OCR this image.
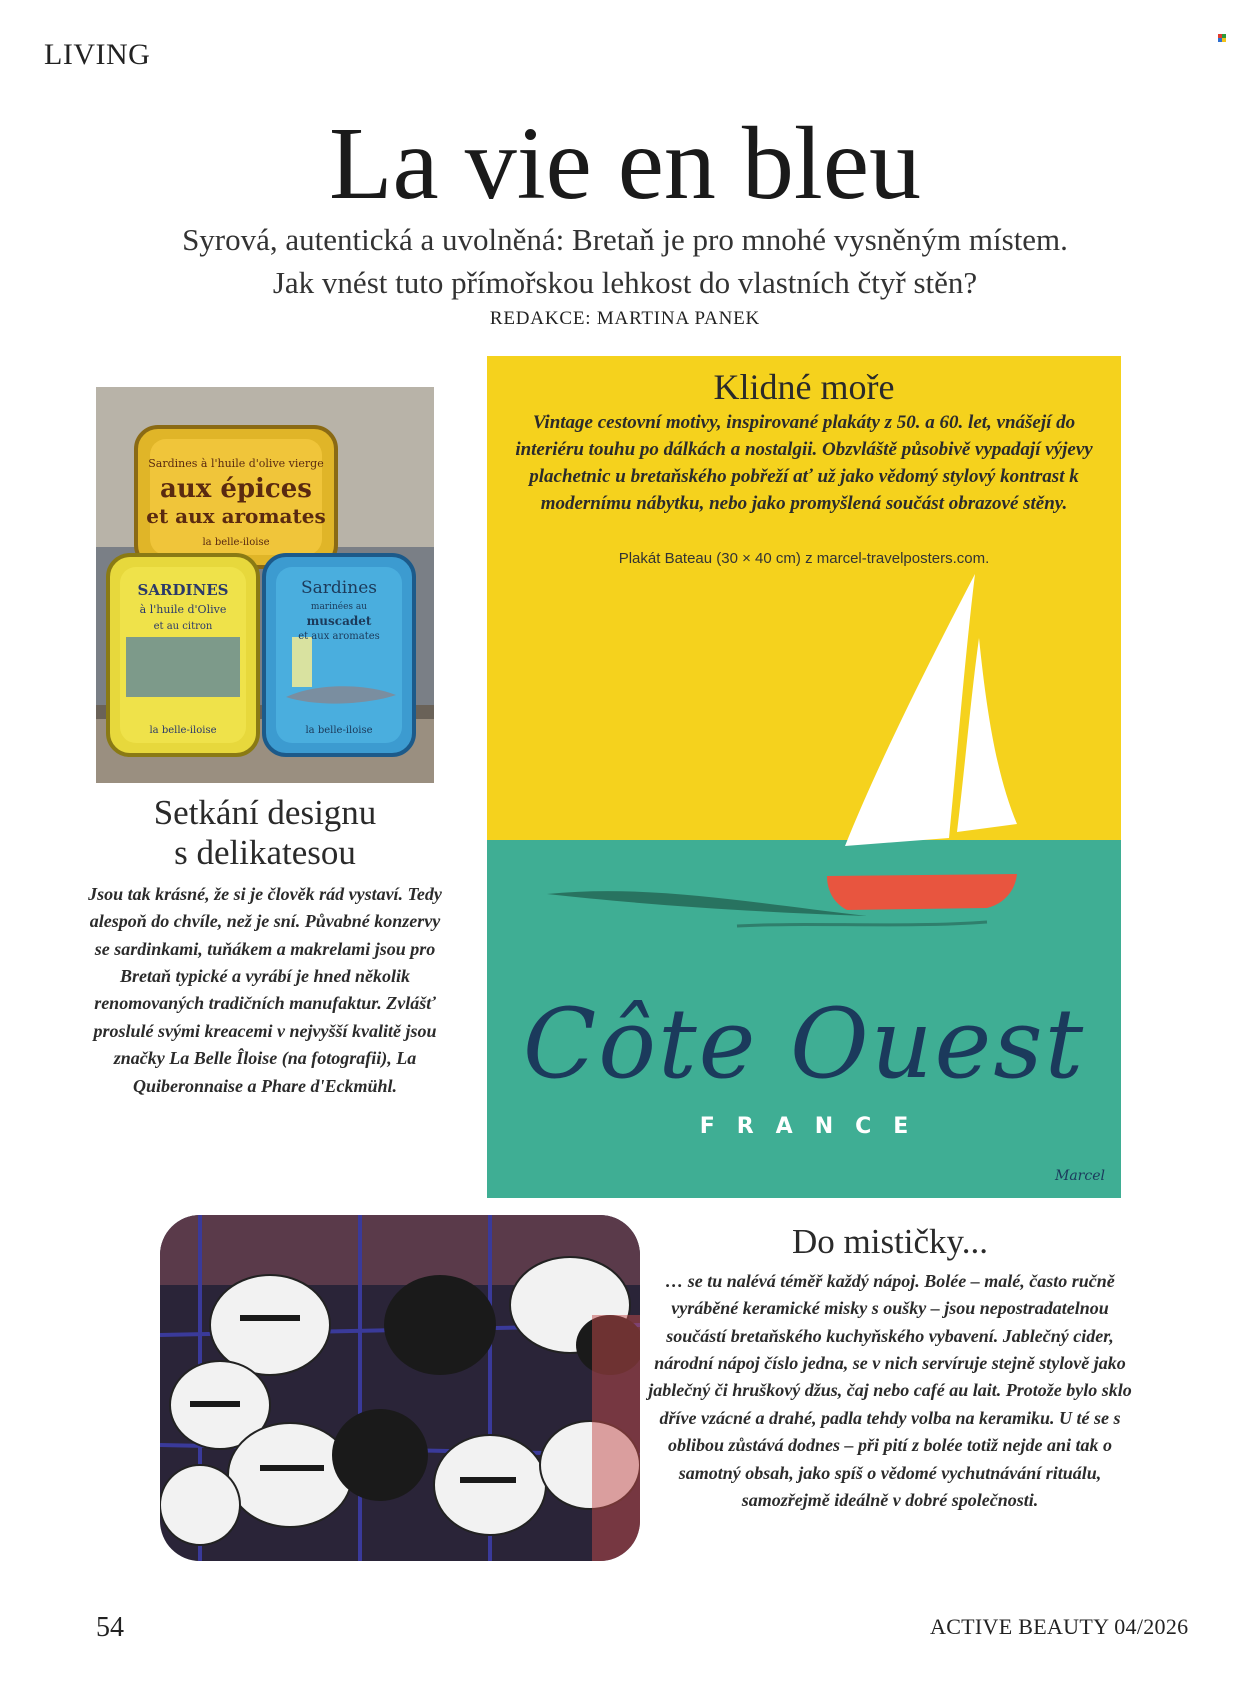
LIVING
La vie en bleu
Syrová, autentická a uvolněná: Bretaň je pro mnohé vysněným místem.
Jak vnést tuto přímořskou lehkost do vlastních čtyř stěn?
REDAKCE: MARTINA PANEK
Klidné moře
Vintage cestovní motivy, inspirované plakáty z 50. a 60. let, vnášejí do interiéru touhu po dálkách a nostalgii. Obzvláště působivě vypadají výjevy plachetnic u bretaňského pobřeží ať už jako vědomý stylový kontrast k modernímu nábytku, nebo jako promyšlená součást obrazové stěny.
Plakát Bateau (30 × 40 cm) z marcel-travelposters.com.
Côte Ouest
FRANCE
Marcel
Sardines à l'huile d'olive vierge
aux épices
et aux aromates
la belle-iloise
SARDINES
à l'huile d'Olive
et au citron
la belle-iloise
Sardines
marinées au
muscadet
et aux aromates
la belle-iloise
Setkání designu
s delikatesou
Jsou tak krásné, že si je člověk rád vystaví. Tedy alespoň do chvíle, než je sní. Půvabné konzervy se sardinkami, tuňákem a makrelami jsou pro Bretaň typické a vyrábí je hned několik renomovaných tradičních manufaktur. Zvlášť proslulé svými kreacemi v nejvyšší kvalitě jsou značky La Belle Îloise (na fotografii), La Quiberonnaise a Phare d'Eckmühl.
Do mističky...
… se tu nalévá téměř každý nápoj. Bolée – malé, často ručně vyráběné keramické misky s oušky – jsou nepostradatelnou součástí bretaňského kuchyňského vybavení. Jablečný cider, národní nápoj číslo jedna, se v nich servíruje stejně stylově jako jablečný či hruškový džus, čaj nebo café au lait. Protože bylo sklo dříve vzácné a drahé, padla tehdy volba na keramiku. U té se s oblibou zůstává dodnes – při pití z bolée totiž nejde ani tak o samotný obsah, jako spíš o vědomé vychutnávání rituálu, samozřejmě ideálně v dobré společnosti.
54	ACTIVE BEAUTY 04/2026
